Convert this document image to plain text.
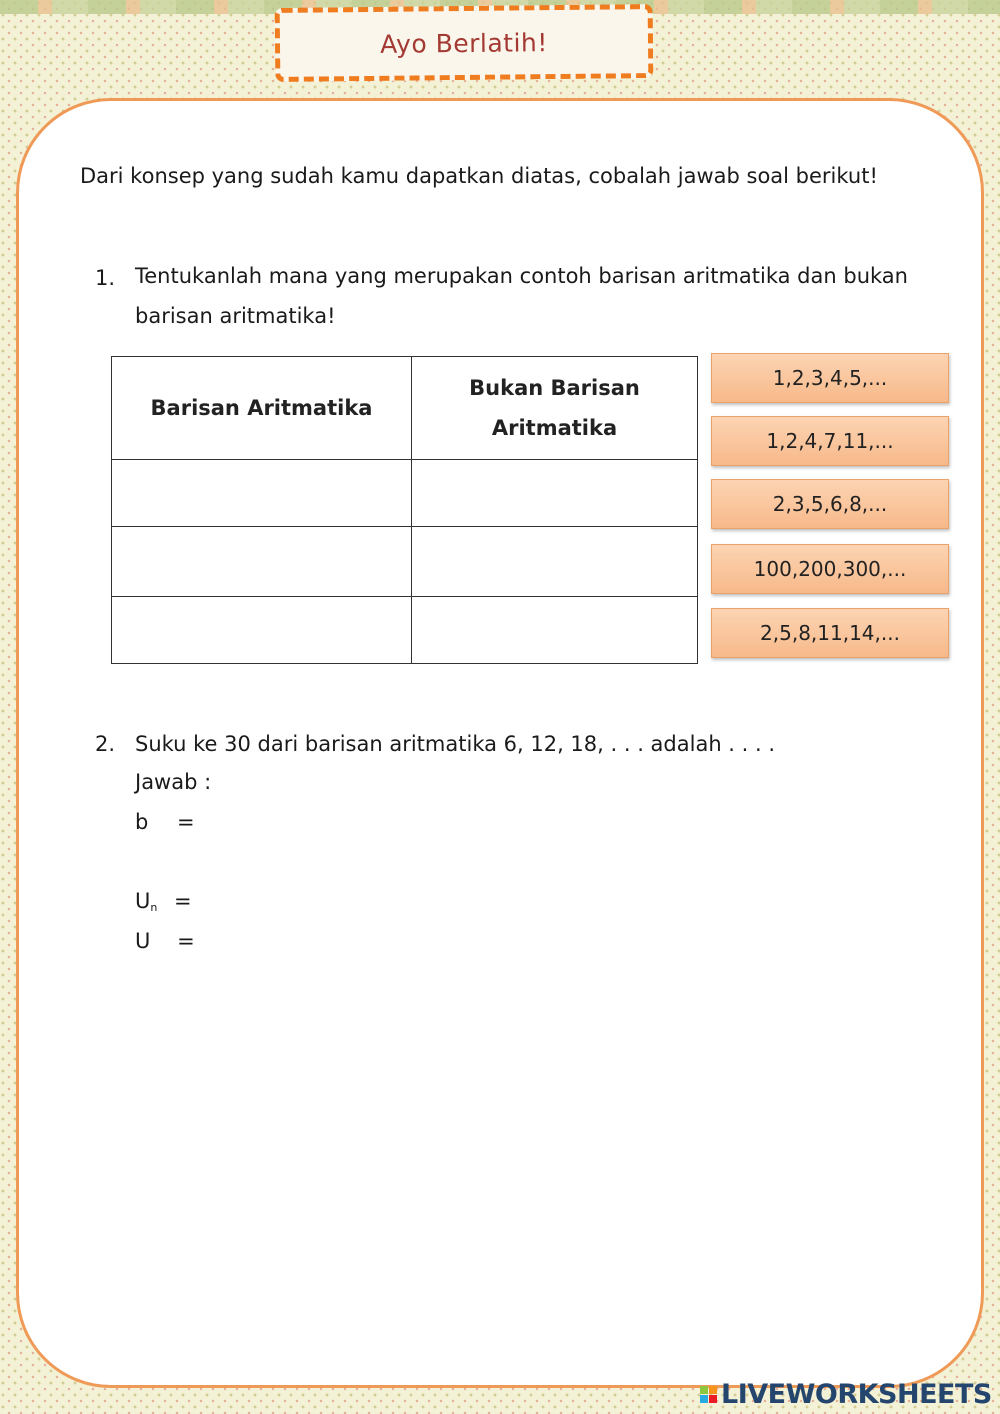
Ayo Berlatih!
Dari konsep yang sudah kamu dapatkan diatas, cobalah jawab soal berikut!
1. Tentukanlah mana yang merupakan contoh barisan aritmatika dan bukan barisan aritmatika!
Barisan Aritmatika	Bukan Barisan Aritmatika

1,2,3,4,5,...
1,2,4,7,11,...
2,3,5,6,8,...
100,200,300,...
2,5,8,11,14,...
2. Suku ke 30 dari barisan aritmatika 6, 12, 18, . . . adalah . . . .
Jawab :
b =
$U_n$ =
U =
LIVEWORKSHEETS
